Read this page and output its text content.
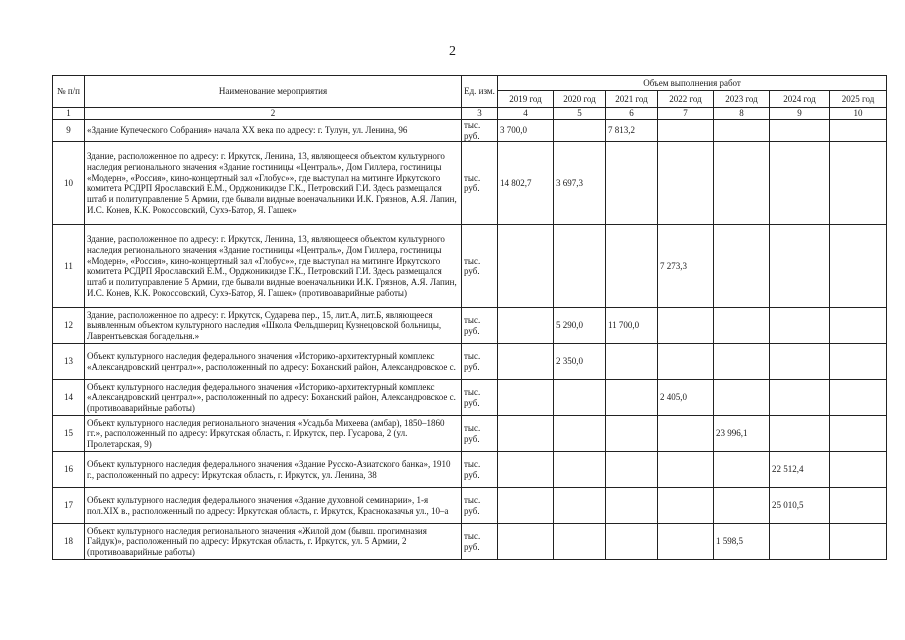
2
№ п/п	Наименование мероприятия	Ед. изм.	Объем выполнения работ						
			2019 год	2020 год	2021 год	2022 год	2023 год	2024 год	2025 год
1	2	3	4	5	6	7	8	9	10
9	«Здание Купеческого Собрания» начала XX века по адресу: г. Тулун, ул. Ленина, 96	тыс. руб.	3 700,0		7 813,2				
10	Здание, расположенное по адресу: г. Иркутск, Ленина, 13, являющееся объектом культурного наследия регионального значения «Здание гостиницы «Централь», Дом Гиллера, гостиницы «Модерн», «Россия», кино-концертный зал «Глобус»», где выступал на митинге Иркутского комитета РСДРП Ярославский Е.М., Орджоникидзе Г.К., Петровский Г.И. Здесь размещался штаб и политуправление 5 Армии, где бывали видные военачальники И.К. Грязнов, А.Я. Лапин, И.С. Конев, К.К. Рокоссовский, Сухэ-Батор, Я. Гашек»	тыс. руб.	14 802,7	3 697,3					
11	Здание, расположенное по адресу: г. Иркутск, Ленина, 13, являющееся объектом культурного наследия регионального значения «Здание гостиницы «Централь», Дом Гиллера, гостиницы «Модерн», «Россия», кино-концертный зал «Глобус»», где выступал на митинге Иркутского комитета РСДРП Ярославский Е.М., Орджоникидзе Г.К., Петровский Г.И. Здесь размещался штаб и политуправление 5 Армии, где бывали видные военачальники И.К. Грязнов, А.Я. Лапин, И.С. Конев, К.К. Рокоссовский, Сухэ-Батор, Я. Гашек» (противоаварийные работы)	тыс. руб.				7 273,3			
12	Здание, расположенное по адресу: г. Иркутск, Сударева пер., 15, лит.А, лит.Б, являющееся выявленным объектом культурного наследия «Школа Фельдшериц Кузнецовской больницы, Лаврентьевская богадельня.»	тыс. руб.		5 290,0	11 700,0				
13	Объект культурного наследия федерального значения «Историко-архитектурный комплекс «Александровский централ»», расположенный по адресу: Боханский район, Александровское с.	тыс. руб.		2 350,0					
14	Объект культурного наследия федерального значения «Историко-архитектурный комплекс «Александровский централ»», расположенный по адресу: Боханский район, Александровское с. (противоаварийные работы)	тыс. руб.				2 405,0			
15	Объект культурного наследия регионального значения «Усадьба Михеева (амбар), 1850–1860 гг.», расположенный по адресу: Иркутская область, г. Иркутск, пер. Гусарова, 2 (ул. Пролетарская, 9)	тыс. руб.					23 996,1		
16	Объект культурного наследия федерального значения «Здание Русско-Азиатского банка», 1910 г., расположенный по адресу: Иркутская область, г. Иркутск, ул. Ленина, 38	тыс. руб.						22 512,4	
17	Объект культурного наследия федерального значения «Здание духовной семинарии», 1-я пол.XIX в., расположенный по адресу: Иркутская область, г. Иркутск, Красноказачья ул., 10–а	тыс. руб.						25 010,5	
18	Объект культурного наследия регионального значения «Жилой дом (бывш. прогимназия Гайдук)», расположенный по адресу: Иркутская область, г. Иркутск, ул. 5 Армии, 2 (противоаварийные работы)	тыс. руб.					1 598,5		
